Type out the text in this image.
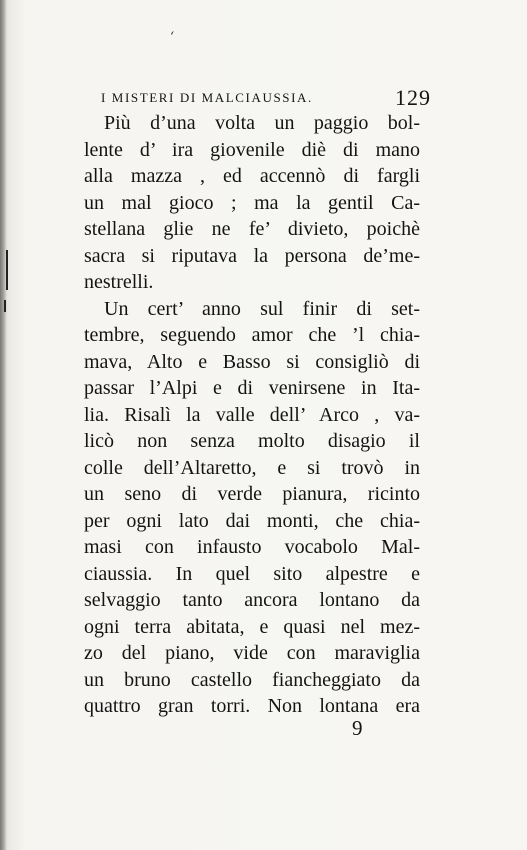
ʻ
I MISTERI DI MALCIAUSSIA.	129
Più d’una volta un paggio bol-
lente d’ ira giovenile diè di mano
alla mazza , ed accennò di fargli
un mal gioco ; ma la gentil Ca-
stellana glie ne fe’ divieto, poichè
sacra si riputava la persona de’me-
nestrelli.
Un cert’ anno sul finir di set-
tembre, seguendo amor che ’l chia-
mava, Alto e Basso si consigliò di
passar l’Alpi e di venirsene in Ita-
lia. Risalì la valle dell’ Arco , va-
licò non senza molto disagio il
colle dell’Altaretto, e si trovò in
un seno di verde pianura, ricinto
per ogni lato dai monti, che chia-
masi con infausto vocabolo Mal-
ciaussia. In quel sito alpestre e
selvaggio tanto ancora lontano da
ogni terra abitata, e quasi nel mez-
zo del piano, vide con maraviglia
un bruno castello fiancheggiato da
quattro gran torri. Non lontana era
9
